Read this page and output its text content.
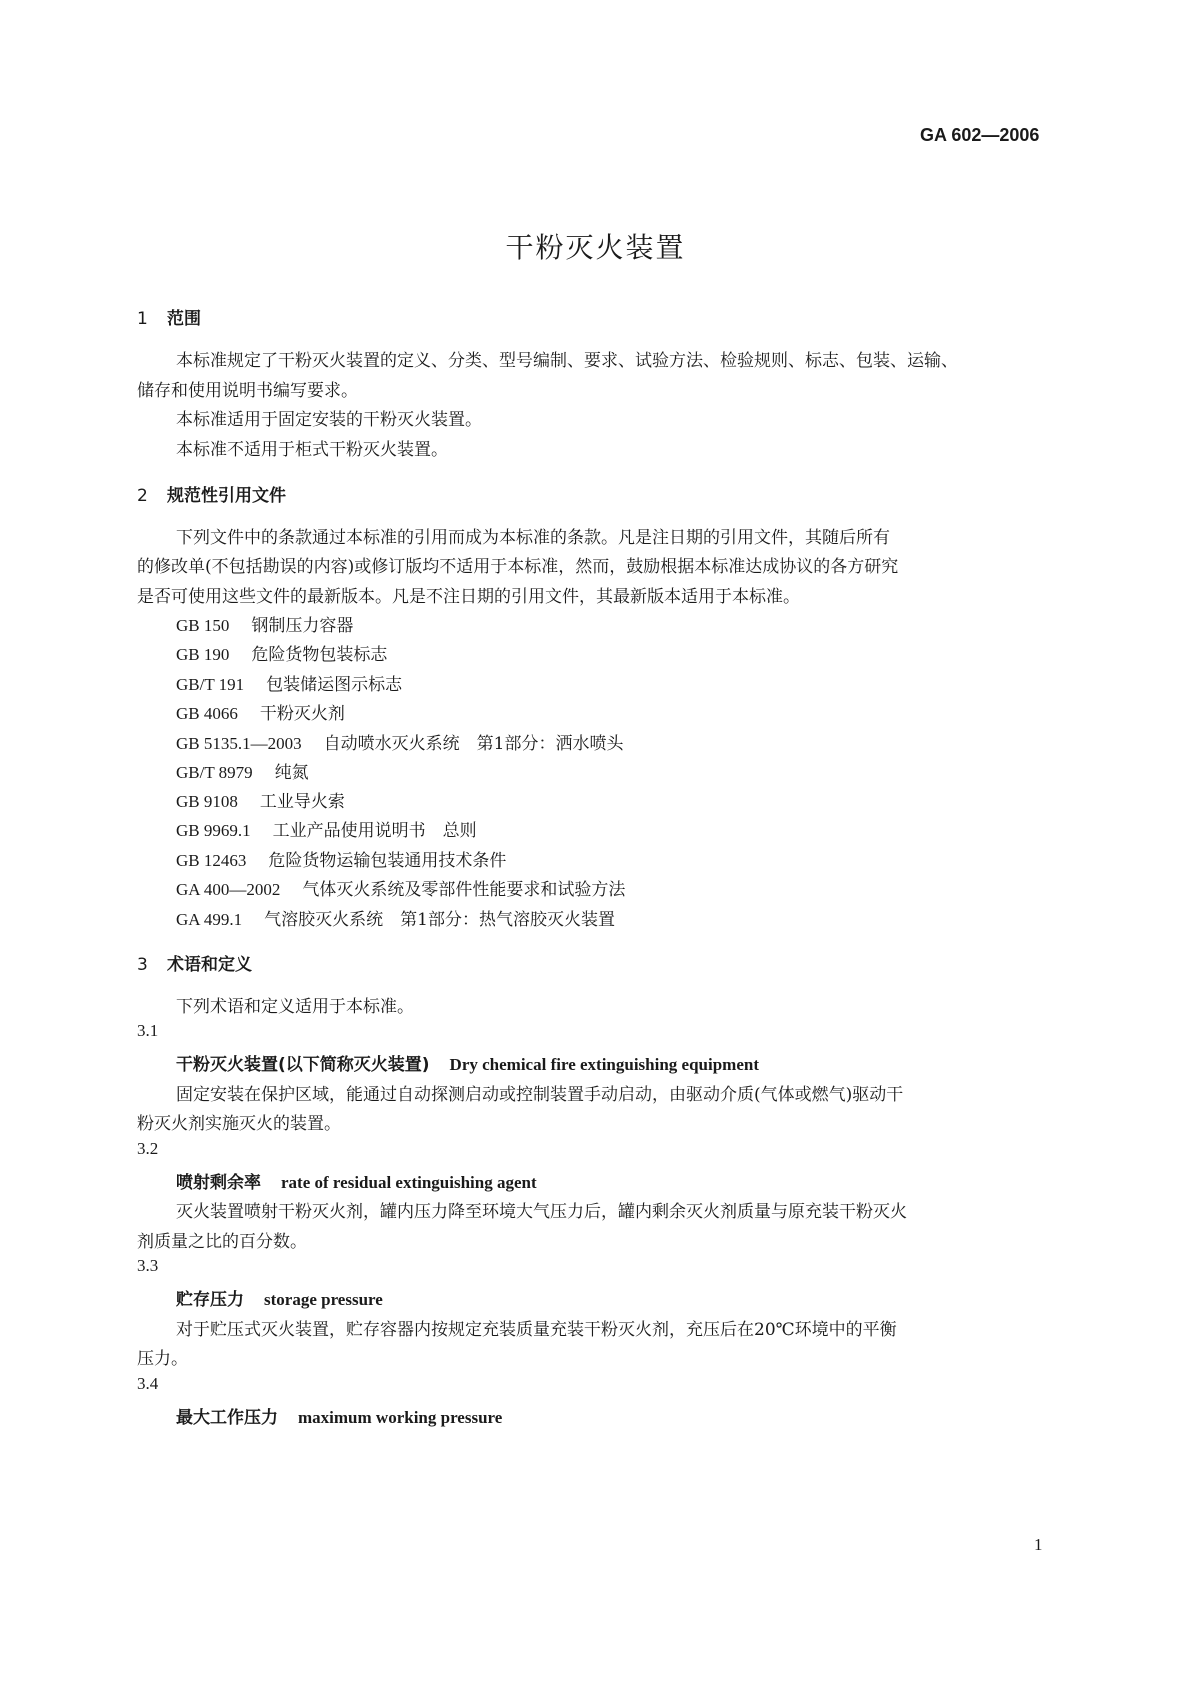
GA 602—2006
干粉灭火装置
1 范围
本标准规定了干粉灭火装置的定义、分类、型号编制、要求、试验方法、检验规则、标志、包装、运输、
储存和使用说明书编写要求。
本标准适用于固定安装的干粉灭火装置。
本标准不适用于柜式干粉灭火装置。
2 规范性引用文件
下列文件中的条款通过本标准的引用而成为本标准的条款。凡是注日期的引用文件，其随后所有
的修改单(不包括勘误的内容)或修订版均不适用于本标准，然而，鼓励根据本标准达成协议的各方研究
是否可使用这些文件的最新版本。凡是不注日期的引用文件，其最新版本适用于本标准。
GB 150 钢制压力容器
GB 190 危险货物包装标志
GB/T 191 包装储运图示标志
GB 4066 干粉灭火剂
GB 5135.1—2003 自动喷水灭火系统　第1部分：洒水喷头
GB/T 8979 纯氮
GB 9108 工业导火索
GB 9969.1 工业产品使用说明书　总则
GB 12463 危险货物运输包装通用技术条件
GA 400—2002 气体灭火系统及零部件性能要求和试验方法
GA 499.1 气溶胶灭火系统　第1部分：热气溶胶灭火装置
3 术语和定义
下列术语和定义适用于本标准。
3.1
干粉灭火装置(以下简称灭火装置) Dry chemical fire extinguishing equipment
固定安装在保护区域，能通过自动探测启动或控制装置手动启动，由驱动介质(气体或燃气)驱动干
粉灭火剂实施灭火的装置。
3.2
喷射剩余率 rate of residual extinguishing agent
灭火装置喷射干粉灭火剂，罐内压力降至环境大气压力后，罐内剩余灭火剂质量与原充装干粉灭火
剂质量之比的百分数。
3.3
贮存压力 storage pressure
对于贮压式灭火装置，贮存容器内按规定充装质量充装干粉灭火剂，充压后在20℃环境中的平衡
压力。
3.4
最大工作压力 maximum working pressure
1
